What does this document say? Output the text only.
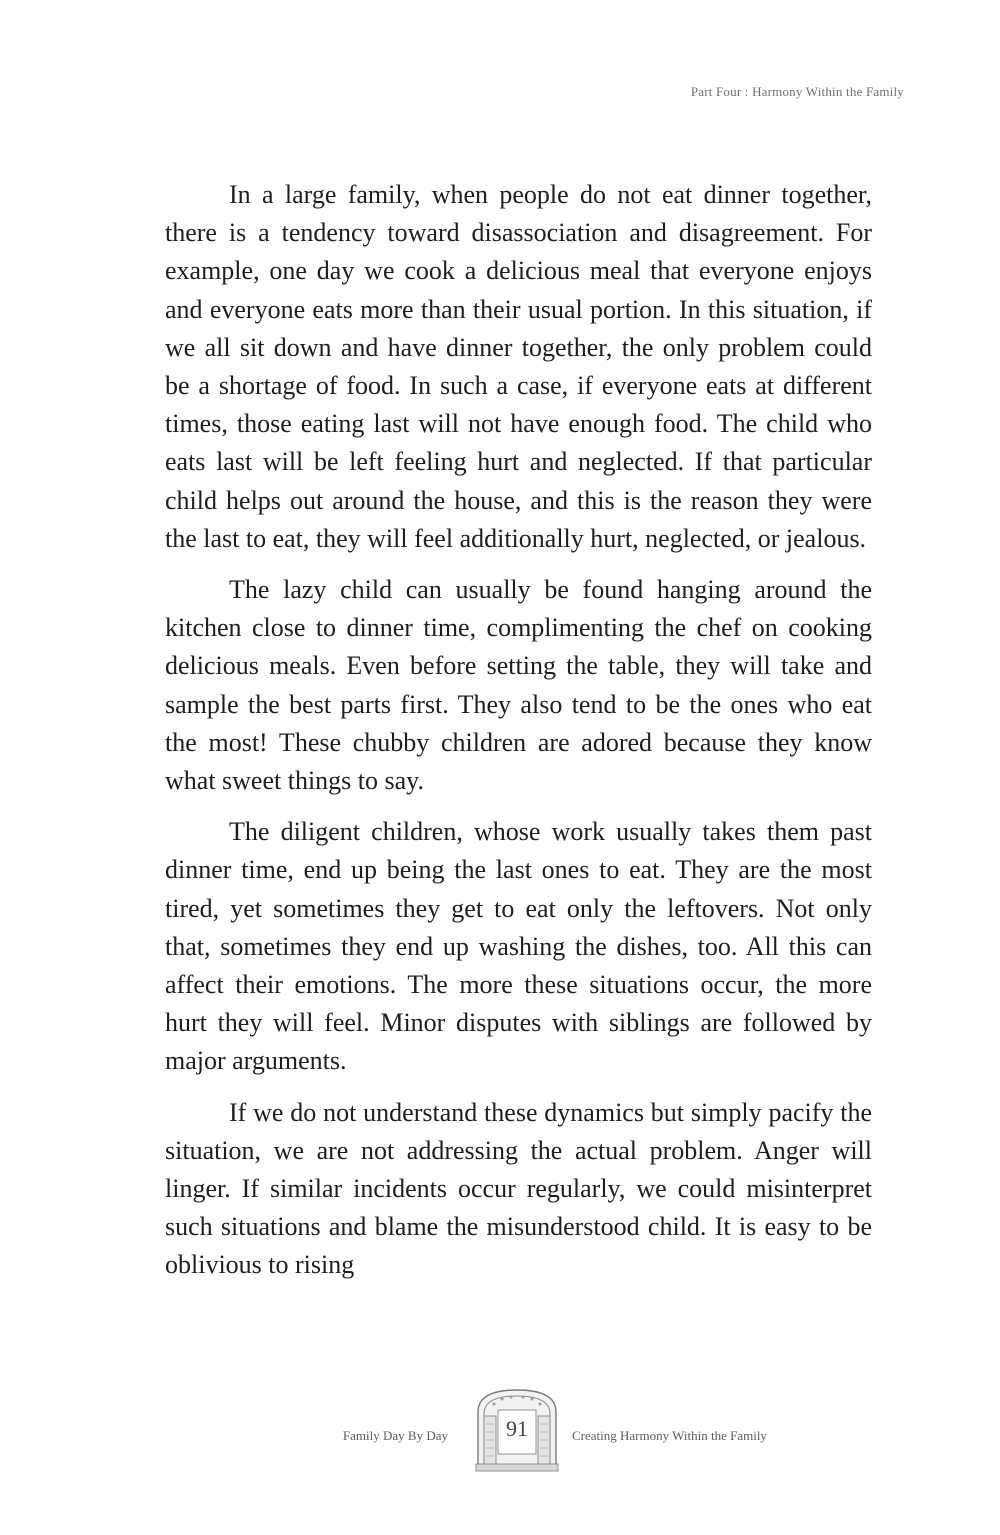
Part Four : Harmony Within the Family

In a large family, when people do not eat dinner together, there is a tendency toward disassociation and disagreement. For example, one day we cook a delicious meal that everyone enjoys and everyone eats more than their usual portion. In this situation, if we all sit down and have dinner together, the only problem could be a shortage of food. In such a case, if everyone eats at different times, those eating last will not have enough food. The child who eats last will be left feeling hurt and neglected. If that particular child helps out around the house, and this is the reason they were the last to eat, they will feel additionally hurt, neglected, or jealous.

The lazy child can usually be found hanging around the kitchen close to dinner time, complimenting the chef on cooking delicious meals. Even before setting the table, they will take and sample the best parts first. They also tend to be the ones who eat the most! These chubby children are adored because they know what sweet things to say.

The diligent children, whose work usually takes them past dinner time, end up being the last ones to eat. They are the most tired, yet sometimes they get to eat only the leftovers. Not only that, sometimes they end up washing the dishes, too. All this can affect their emotions. The more these situations occur, the more hurt they will feel. Minor disputes with siblings are followed by major arguments.

If we do not understand these dynamics but simply pacify the situation, we are not addressing the actual problem. Anger will linger. If similar incidents occur regularly, we could misinterpret such situations and blame the misunderstood child. It is easy to be oblivious to rising

Family Day By Day	91	Creating Harmony Within the Family
